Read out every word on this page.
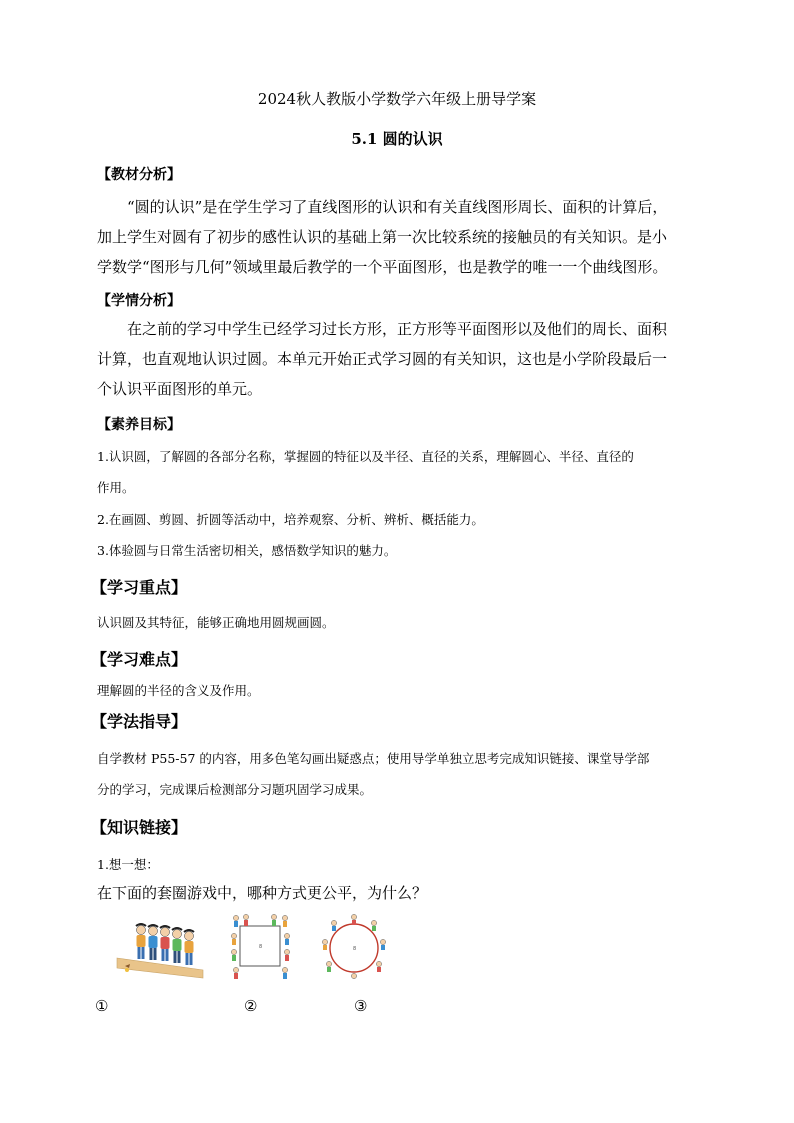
2024秋人教版小学数学六年级上册导学案
5.1 圆的认识
【教材分析】
“圆的认识”是在学生学习了直线图形的认识和有关直线图形周长、面积的计算后，
加上学生对圆有了初步的感性认识的基础上第一次比较系统的接触员的有关知识。是小
学数学“图形与几何”领域里最后教学的一个平面图形，也是教学的唯一一个曲线图形。
【学情分析】
在之前的学习中学生已经学习过长方形，正方形等平面图形以及他们的周长、面积
计算，也直观地认识过圆。本单元开始正式学习圆的有关知识，这也是小学阶段最后一
个认识平面图形的单元。
【素养目标】
1.认识圆，了解圆的各部分名称，掌握圆的特征以及半径、直径的关系，理解圆心、半径、直径的
作用。
2.在画圆、剪圆、折圆等活动中，培养观察、分析、辨析、概括能力。
3.体验圆与日常生活密切相关，感悟数学知识的魅力。
【学习重点】
认识圆及其特征，能够正确地用圆规画圆。
【学习难点】
理解圆的半径的含义及作用。
【学法指导】
自学教材 P55-57 的内容，用多色笔勾画出疑惑点；使用导学单独立思考完成知识链接、课堂导学部
分的学习，完成课后检测部分习题巩固学习成果。
【知识链接】
1.想一想：
在下面的套圈游戏中，哪种方式更公平，为什么？
8	8
①	②	③
